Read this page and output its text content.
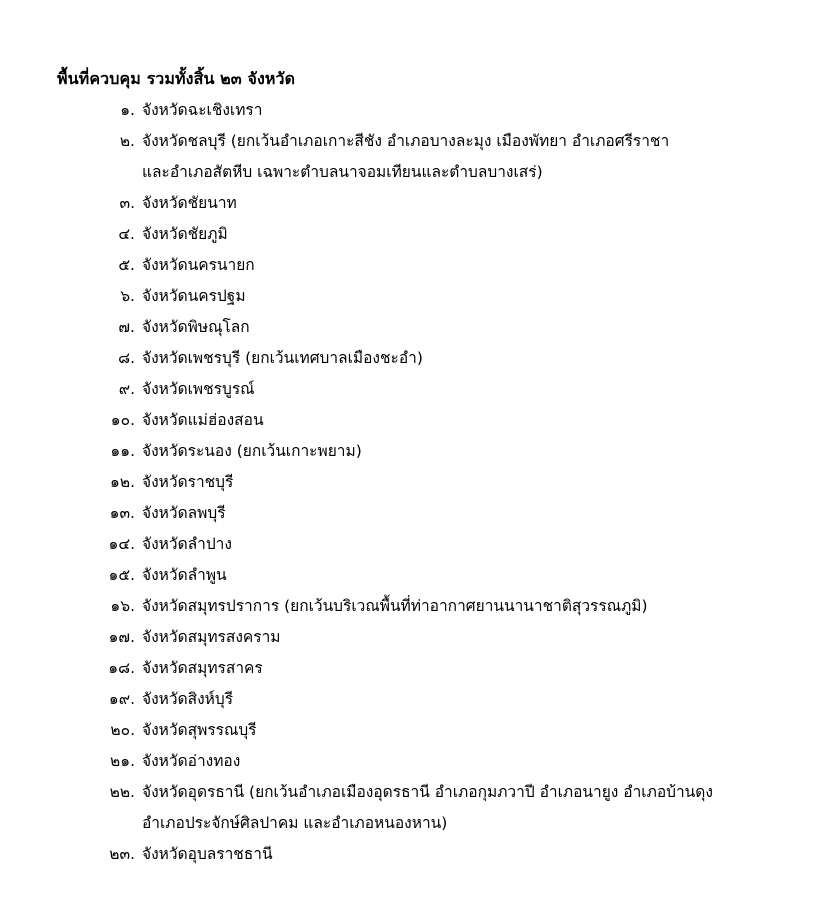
พื้นที่ควบคุม รวมทั้งสิ้น ๒๓ จังหวัด
๑. จังหวัดฉะเชิงเทรา
๒. จังหวัดชลบุรี (ยกเว้นอำเภอเกาะสีชัง อำเภอบางละมุง เมืองพัทยา อำเภอศรีราชา
และอำเภอสัตหีบ เฉพาะตำบลนาจอมเทียนและตำบลบางเสร่)
๓. จังหวัดชัยนาท
๔. จังหวัดชัยภูมิ
๕. จังหวัดนครนายก
๖. จังหวัดนครปฐม
๗. จังหวัดพิษณุโลก
๘. จังหวัดเพชรบุรี (ยกเว้นเทศบาลเมืองชะอำ)
๙. จังหวัดเพชรบูรณ์
๑๐. จังหวัดแม่ฮ่องสอน
๑๑. จังหวัดระนอง (ยกเว้นเกาะพยาม)
๑๒. จังหวัดราชบุรี
๑๓. จังหวัดลพบุรี
๑๔. จังหวัดลำปาง
๑๕. จังหวัดลำพูน
๑๖. จังหวัดสมุทรปราการ (ยกเว้นบริเวณพื้นที่ท่าอากาศยานนานาชาติสุวรรณภูมิ)
๑๗. จังหวัดสมุทรสงคราม
๑๘. จังหวัดสมุทรสาคร
๑๙. จังหวัดสิงห์บุรี
๒๐. จังหวัดสุพรรณบุรี
๒๑. จังหวัดอ่างทอง
๒๒. จังหวัดอุดรธานี (ยกเว้นอำเภอเมืองอุดรธานี อำเภอกุมภวาปี อำเภอนายูง อำเภอบ้านดุง
อำเภอประจักษ์ศิลปาคม และอำเภอหนองหาน)
๒๓. จังหวัดอุบลราชธานี
